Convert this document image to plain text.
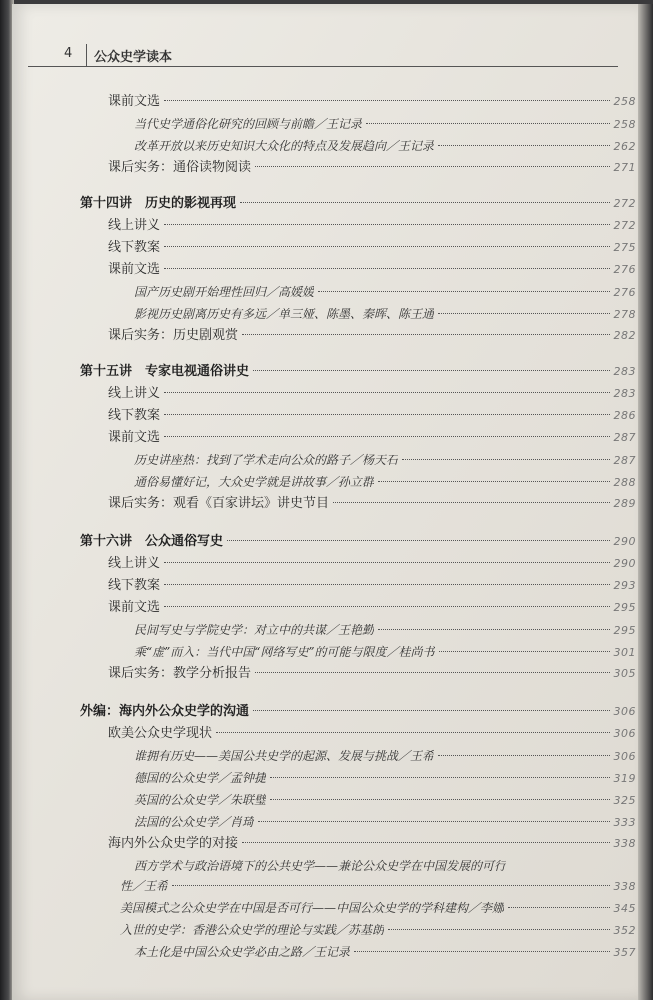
4 公众史学读本
课前文选	258
当代史学通俗化研究的回顾与前瞻／王记录	258
改革开放以来历史知识大众化的特点及发展趋向／王记录	262
课后实务：通俗读物阅读	271
第十四讲　历史的影视再现	272
线上讲义	272
线下教案	275
课前文选	276
国产历史剧开始理性回归／高媛媛	276
影视历史剧离历史有多远／单三娅、陈墨、秦晖、陈王通	278
课后实务：历史剧观赏	282
第十五讲　专家电视通俗讲史	283
线上讲义	283
线下教案	286
课前文选	287
历史讲座热：找到了学术走向公众的路子／杨天石	287
通俗易懂好记，大众史学就是讲故事／孙立群	288
课后实务：观看《百家讲坛》讲史节目	289
第十六讲　公众通俗写史	290
线上讲义	290
线下教案	293
课前文选	295
民间写史与学院史学：对立中的共谋／王艳勤	295
乘“虚”而入：当代中国“网络写史”的可能与限度／桂尚书	301
课后实务：教学分析报告	305
外编：海内外公众史学的沟通	306
欧美公众史学现状	306
谁拥有历史——美国公共史学的起源、发展与挑战／王希	306
德国的公众史学／孟钟捷	319
英国的公众史学／朱联璧	325
法国的公众史学／肖琦	333
海内外公众史学的对接	338
西方学术与政治语境下的公共史学——兼论公众史学在中国发展的可行
性／王希	338
美国模式之公众史学在中国是否可行——中国公众史学的学科建构／李娜	345
入世的史学：香港公众史学的理论与实践／苏基朗	352
本土化是中国公众史学必由之路／王记录	357
